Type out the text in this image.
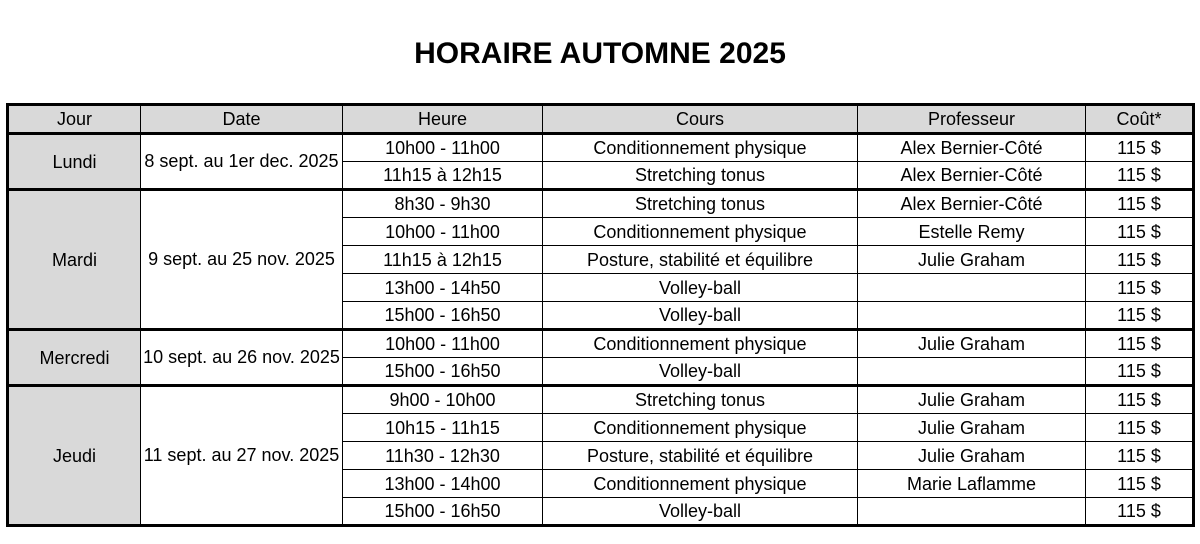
HORAIRE AUTOMNE 2025
Jour	Date	Heure	Cours	Professeur	Coût*
Lundi	8 sept. au 1er dec. 2025	10h00 - 11h00	Conditionnement physique	Alex Bernier-Côté	115 $
		11h15 à 12h15	Stretching tonus	Alex Bernier-Côté	115 $
Mardi	9 sept. au 25 nov. 2025	8h30 - 9h30	Stretching tonus	Alex Bernier-Côté	115 $
		10h00 - 11h00	Conditionnement physique	Estelle Remy	115 $
		11h15 à 12h15	Posture, stabilité et équilibre	Julie Graham	115 $
		13h00 - 14h50	Volley-ball		115 $
		15h00 - 16h50	Volley-ball		115 $
Mercredi	10 sept. au 26 nov. 2025	10h00 - 11h00	Conditionnement physique	Julie Graham	115 $
		15h00 - 16h50	Volley-ball		115 $
Jeudi	11 sept. au 27 nov. 2025	9h00 - 10h00	Stretching tonus	Julie Graham	115 $
		10h15 - 11h15	Conditionnement physique	Julie Graham	115 $
		11h30 - 12h30	Posture, stabilité et équilibre	Julie Graham	115 $
		13h00 - 14h00	Conditionnement physique	Marie Laflamme	115 $
		15h00 - 16h50	Volley-ball		115 $
